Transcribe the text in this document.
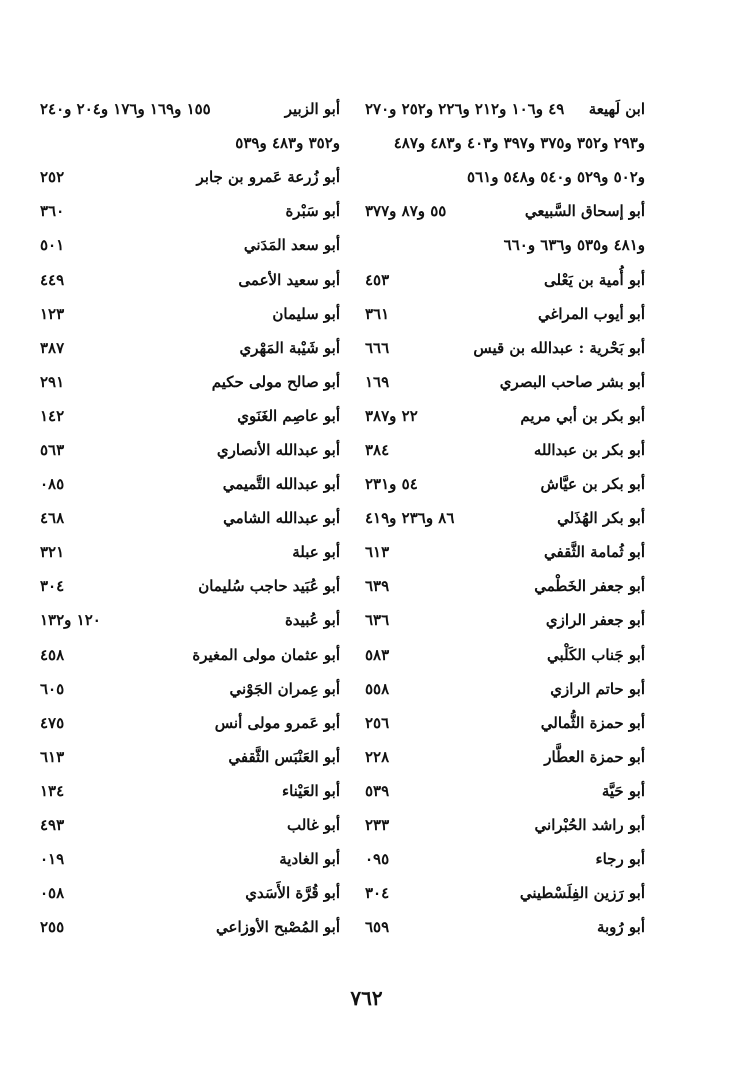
ابن لَهيعة
٤٩ و١٠٦ و٢١٢ و٢٢٦ و٢٥٢ و٢٧٠
و٢٩٣ و٣٥٢ و٣٧٥ و٣٩٧ و٤٠٣ و٤٨٣ و٤٨٧
و٥٠٢ و٥٢٩ و٥٤٠ و٥٤٨ و٥٦١
أبو إسحاق السَّبيعي
٥٥ و٨٧ و٣٧٧
و٤٨١ و٥٣٥ و٦٣٦ و٦٦٠
أبو أُمية بن يَعْلى
٤٥٣
أبو أيوب المراغي
٣٦١
أبو بَحْرية : عبدالله بن قيس
٦٦٦
أبو بشر صاحب البصري
١٦٩
أبو بكر بن أبي مريم
٢٢ و٣٨٧
أبو بكر بن عبدالله
٣٨٤
أبو بكر بن عيَّاش
٥٤ و٢٣١
أبو بكر الهُذَلي
٨٦ و٢٣٦ و٤١٩
أبو ثُمامة الثَّقفي
٦١٣
أبو جعفر الخَطْمي
٦٣٩
أبو جعفر الرازي
٦٣٦
أبو جَناب الكَلْبي
٥٨٣
أبو حاتم الرازي
٥٥٨
أبو حمزة الثُّمالي
٢٥٦
أبو حمزة العطَّار
٢٢٨
أبو حَيَّة
٥٣٩
أبو راشد الحُبْراني
٢٣٣
أبو رجاء
٠٩٥
أبو رَزين الفِلَسْطيني
٣٠٤
أبو رُوبة
٦٥٩
أبو الزبير
١٥٥ و١٦٩ و١٧٦ و٢٠٤ و٢٤٠
و٣٥٢ و٤٨٣ و٥٣٩
أبو زُرعة عَمرو بن جابر
٢٥٢
أبو سَبْرة
٣٦٠
أبو سعد المَدَني
٥٠١
أبو سعيد الأعمى
٤٤٩
أبو سليمان
١٢٣
أبو شَيْبة المَهْري
٣٨٧
أبو صالح مولى حكيم
٢٩١
أبو عاصِم الغَنَوي
١٤٢
أبو عبدالله الأنصاري
٥٦٣
أبو عبدالله التَّميمي
٠٨٥
أبو عبدالله الشامي
٤٦٨
أبو عبلة
٣٢١
أبو عُبَيد حاجب سُليمان
٣٠٤
أبو عُبيدة
١٢٠ و١٣٢
أبو عثمان مولى المغيرة
٤٥٨
أبو عِمران الجَوْني
٦٠٥
أبو عَمرو مولى أنس
٤٧٥
أبو العَنْبَس الثَّقفي
٦١٣
أبو العَيْناء
١٣٤
أبو غالب
٤٩٣
أبو الغادية
٠١٩
أبو قُرَّة الأَسَدي
٠٥٨
أبو المُصْبح الأوزاعي
٢٥٥
٧٦٢
